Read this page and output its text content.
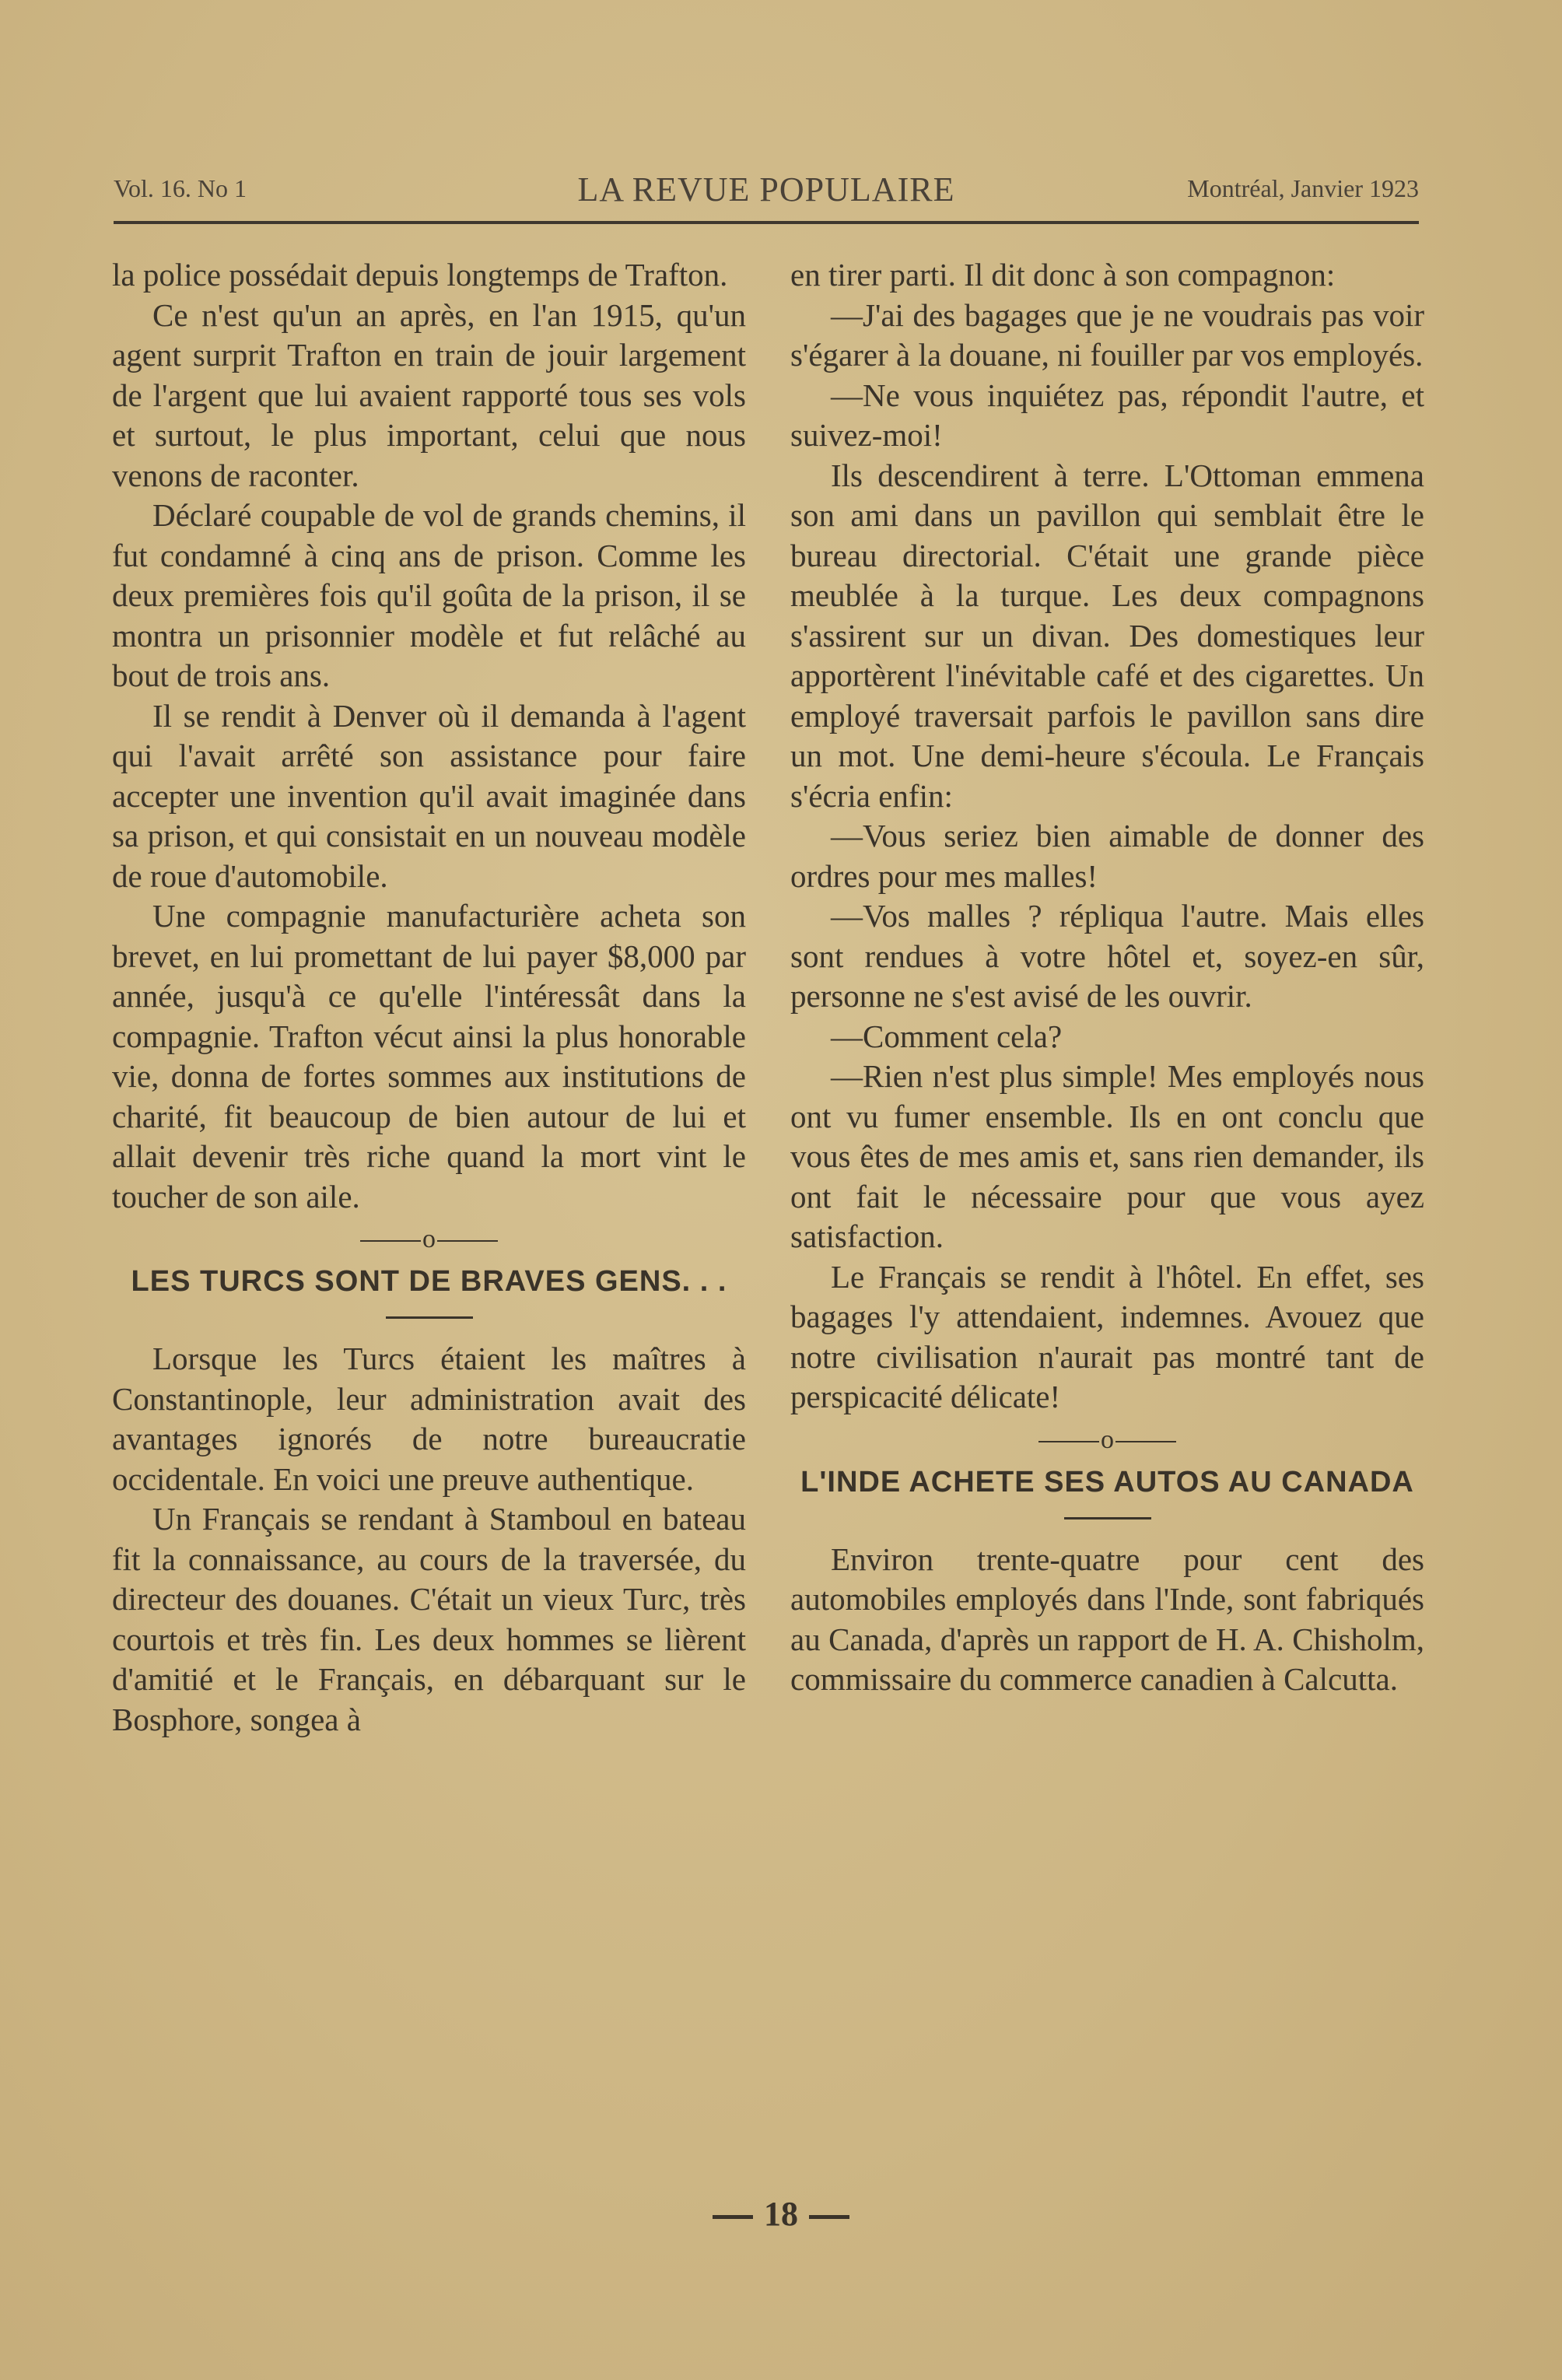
Vol. 16. No 1	LA REVUE POPULAIRE	Montréal, Janvier 1923

la police possédait depuis longtemps de Trafton.

Ce n'est qu'un an après, en l'an 1915, qu'un agent surprit Trafton en train de jouir largement de l'argent que lui avaient rapporté tous ses vols et surtout, le plus important, celui que nous venons de raconter.

Déclaré coupable de vol de grands chemins, il fut condamné à cinq ans de prison. Comme les deux premières fois qu'il goûta de la prison, il se montra un prisonnier modèle et fut relâché au bout de trois ans.

Il se rendit à Denver où il demanda à l'agent qui l'avait arrêté son assistance pour faire accepter une invention qu'il avait imaginée dans sa prison, et qui consistait en un nouveau modèle de roue d'automobile.

Une compagnie manufacturière acheta son brevet, en lui promettant de lui payer $8,000 par année, jusqu'à ce qu'elle l'intéressât dans la compagnie. Trafton vécut ainsi la plus honorable vie, donna de fortes sommes aux institutions de charité, fit beaucoup de bien autour de lui et allait devenir très riche quand la mort vint le toucher de son aile.

o
LES TURCS SONT DE BRAVES GENS. . .

Lorsque les Turcs étaient les maîtres à Constantinople, leur administration avait des avantages ignorés de notre bureaucratie occidentale. En voici une preuve authentique.

Un Français se rendant à Stamboul en bateau fit la connaissance, au cours de la traversée, du directeur des douanes. C'était un vieux Turc, très courtois et très fin. Les deux hommes se lièrent d'amitié et le Français, en débarquant sur le Bosphore, songea à

en tirer parti. Il dit donc à son compagnon:

—J'ai des bagages que je ne voudrais pas voir s'égarer à la douane, ni fouiller par vos employés.

—Ne vous inquiétez pas, répondit l'autre, et suivez-moi!

Ils descendirent à terre. L'Ottoman emmena son ami dans un pavillon qui semblait être le bureau directorial. C'était une grande pièce meublée à la turque. Les deux compagnons s'assirent sur un divan. Des domestiques leur apportèrent l'inévitable café et des cigarettes. Un employé traversait parfois le pavillon sans dire un mot. Une demi-heure s'écoula. Le Français s'écria enfin:

—Vous seriez bien aimable de donner des ordres pour mes malles!

—Vos malles ? répliqua l'autre. Mais elles sont rendues à votre hôtel et, soyez-en sûr, personne ne s'est avisé de les ouvrir.

—Comment cela?

—Rien n'est plus simple! Mes employés nous ont vu fumer ensemble. Ils en ont conclu que vous êtes de mes amis et, sans rien demander, ils ont fait le nécessaire pour que vous ayez satisfaction.

Le Français se rendit à l'hôtel. En effet, ses bagages l'y attendaient, indemnes. Avouez que notre civilisation n'aurait pas montré tant de perspicacité délicate!

o
L'INDE ACHETE SES AUTOS AU CANADA

Environ trente-quatre pour cent des automobiles employés dans l'Inde, sont fabriqués au Canada, d'après un rapport de H. A. Chisholm, commissaire du commerce canadien à Calcutta.

18
